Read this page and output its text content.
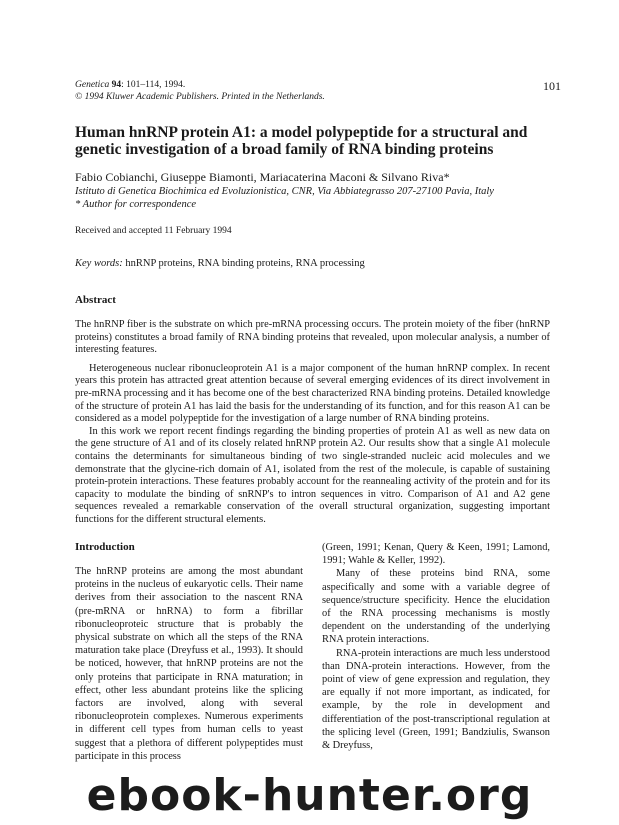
Genetica 94: 101–114, 1994.
© 1994 Kluwer Academic Publishers. Printed in the Netherlands.
101
Human hnRNP protein A1: a model polypeptide for a structural and genetic investigation of a broad family of RNA binding proteins
Fabio Cobianchi, Giuseppe Biamonti, Mariacaterina Maconi & Silvano Riva*
Istituto di Genetica Biochimica ed Evoluzionistica, CNR, Via Abbiategrasso 207-27100 Pavia, Italy
* Author for correspondence
Received and accepted 11 February 1994
Key words: hnRNP proteins, RNA binding proteins, RNA processing
Abstract

The hnRNP fiber is the substrate on which pre-mRNA processing occurs. The protein moiety of the fiber (hnRNP proteins) constitutes a broad family of RNA binding proteins that revealed, upon molecular analysis, a number of interesting features.

Heterogeneous nuclear ribonucleoprotein A1 is a major component of the human hnRNP complex. In recent years this protein has attracted great attention because of several emerging evidences of its direct involvement in pre-mRNA processing and it has become one of the best characterized RNA binding proteins. Detailed knowledge of the structure of protein A1 has laid the basis for the understanding of its function, and for this reason A1 can be considered as a model polypeptide for the investigation of a large number of RNA binding proteins.

In this work we report recent findings regarding the binding properties of protein A1 as well as new data on the gene structure of A1 and of its closely related hnRNP protein A2. Our results show that a single A1 molecule contains the determinants for simultaneous binding of two single-stranded nucleic acid molecules and we demonstrate that the glycine-rich domain of A1, isolated from the rest of the molecule, is capable of sustaining protein-protein interactions. These features probably account for the reannealing activity of the protein and for its capacity to modulate the binding of snRNP's to intron sequences in vitro. Comparison of A1 and A2 gene sequences revealed a remarkable conservation of the overall structural organization, suggesting important functions for the different structural elements.

Introduction

The hnRNP proteins are among the most abundant proteins in the nucleus of eukaryotic cells. Their name derives from their association to the nascent RNA (pre-mRNA or hnRNA) to form a fibrillar ribonucleoproteic structure that is probably the physical substrate on which all the steps of the RNA maturation take place (Dreyfuss et al., 1993). It should be noticed, however, that hnRNP proteins are not the only proteins that participate in RNA maturation; in effect, other less abundant proteins like the splicing factors are involved, along with several ribonucleoprotein complexes. Numerous experiments in different cell types from human cells to yeast suggest that a plethora of different polypeptides must participate in this process

(Green, 1991; Kenan, Query & Keen, 1991; Lamond, 1991; Wahle & Keller, 1992).

Many of these proteins bind RNA, some aspecifically and some with a variable degree of sequence/structure specificity. Hence the elucidation of the RNA processing mechanisms is mostly dependent on the understanding of the underlying RNA protein interactions.

RNA-protein interactions are much less understood than DNA-protein interactions. However, from the point of view of gene expression and regulation, they are equally if not more important, as indicated, for example, by the role in development and differentiation of the post-transcriptional regulation at the splicing level (Green, 1991; Bandziulis, Swanson & Dreyfuss,

ebook-hunter.org
